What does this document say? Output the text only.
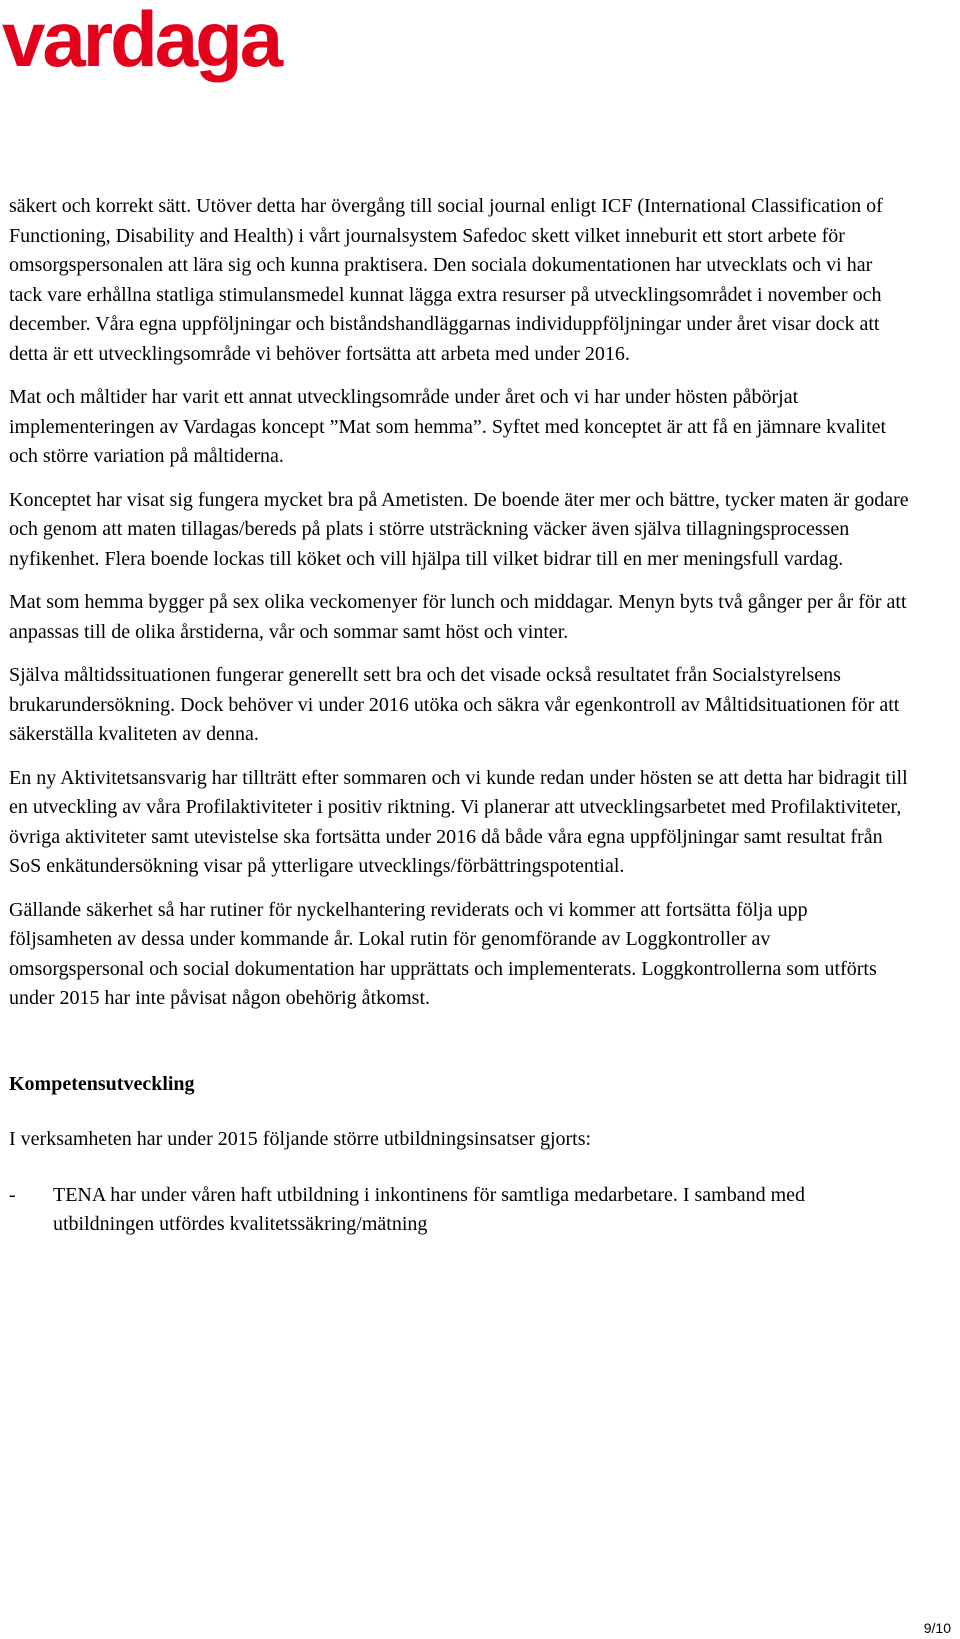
vardaga

säkert och korrekt sätt. Utöver detta har övergång till social journal enligt ICF (International Classification of Functioning, Disability and Health) i vårt journalsystem Safedoc skett vilket inneburit ett stort arbete för omsorgspersonalen att lära sig och kunna praktisera. Den sociala dokumentationen har utvecklats och vi har tack vare erhållna statliga stimulansmedel kunnat lägga extra resurser på utvecklingsområdet i november och december. Våra egna uppföljningar och biståndshandläggarnas individuppföljningar under året visar dock att detta är ett utvecklingsområde vi behöver fortsätta att arbeta med under 2016.

Mat och måltider har varit ett annat utvecklingsområde under året och vi har under hösten påbörjat implementeringen av Vardagas koncept ”Mat som hemma”. Syftet med konceptet är att få en jämnare kvalitet och större variation på måltiderna.

Konceptet har visat sig fungera mycket bra på Ametisten. De boende äter mer och bättre, tycker maten är godare och genom att maten tillagas/bereds på plats i större utsträckning väcker även själva tillagningsprocessen nyfikenhet. Flera boende lockas till köket och vill hjälpa till vilket bidrar till en mer meningsfull vardag.

Mat som hemma bygger på sex olika veckomenyer för lunch och middagar. Menyn byts två gånger per år för att anpassas till de olika årstiderna, vår och sommar samt höst och vinter.

Själva måltidssituationen fungerar generellt sett bra och det visade också resultatet från Socialstyrelsens brukarundersökning. Dock behöver vi under 2016 utöka och säkra vår egenkontroll av Måltidsituationen för att säkerställa kvaliteten av denna.

En ny Aktivitetsansvarig har tillträtt efter sommaren och vi kunde redan under hösten se att detta har bidragit till en utveckling av våra Profilaktiviteter i positiv riktning. Vi planerar att utvecklingsarbetet med Profilaktiviteter, övriga aktiviteter samt utevistelse ska fortsätta under 2016 då både våra egna uppföljningar samt resultat från SoS enkätundersökning visar på ytterligare utvecklings/förbättringspotential.

Gällande säkerhet så har rutiner för nyckelhantering reviderats och vi kommer att fortsätta följa upp följsamheten av dessa under kommande år. Lokal rutin för genomförande av Loggkontroller av omsorgspersonal och social dokumentation har upprättats och implementerats. Loggkontrollerna som utförts under 2015 har inte påvisat någon obehörig åtkomst.

Kompetensutveckling

I verksamheten har under 2015 följande större utbildningsinsatser gjorts:

-	TENA har under våren haft utbildning i inkontinens för samtliga medarbetare. I samband med utbildningen utfördes kvalitetssäkring/mätning
9/10
